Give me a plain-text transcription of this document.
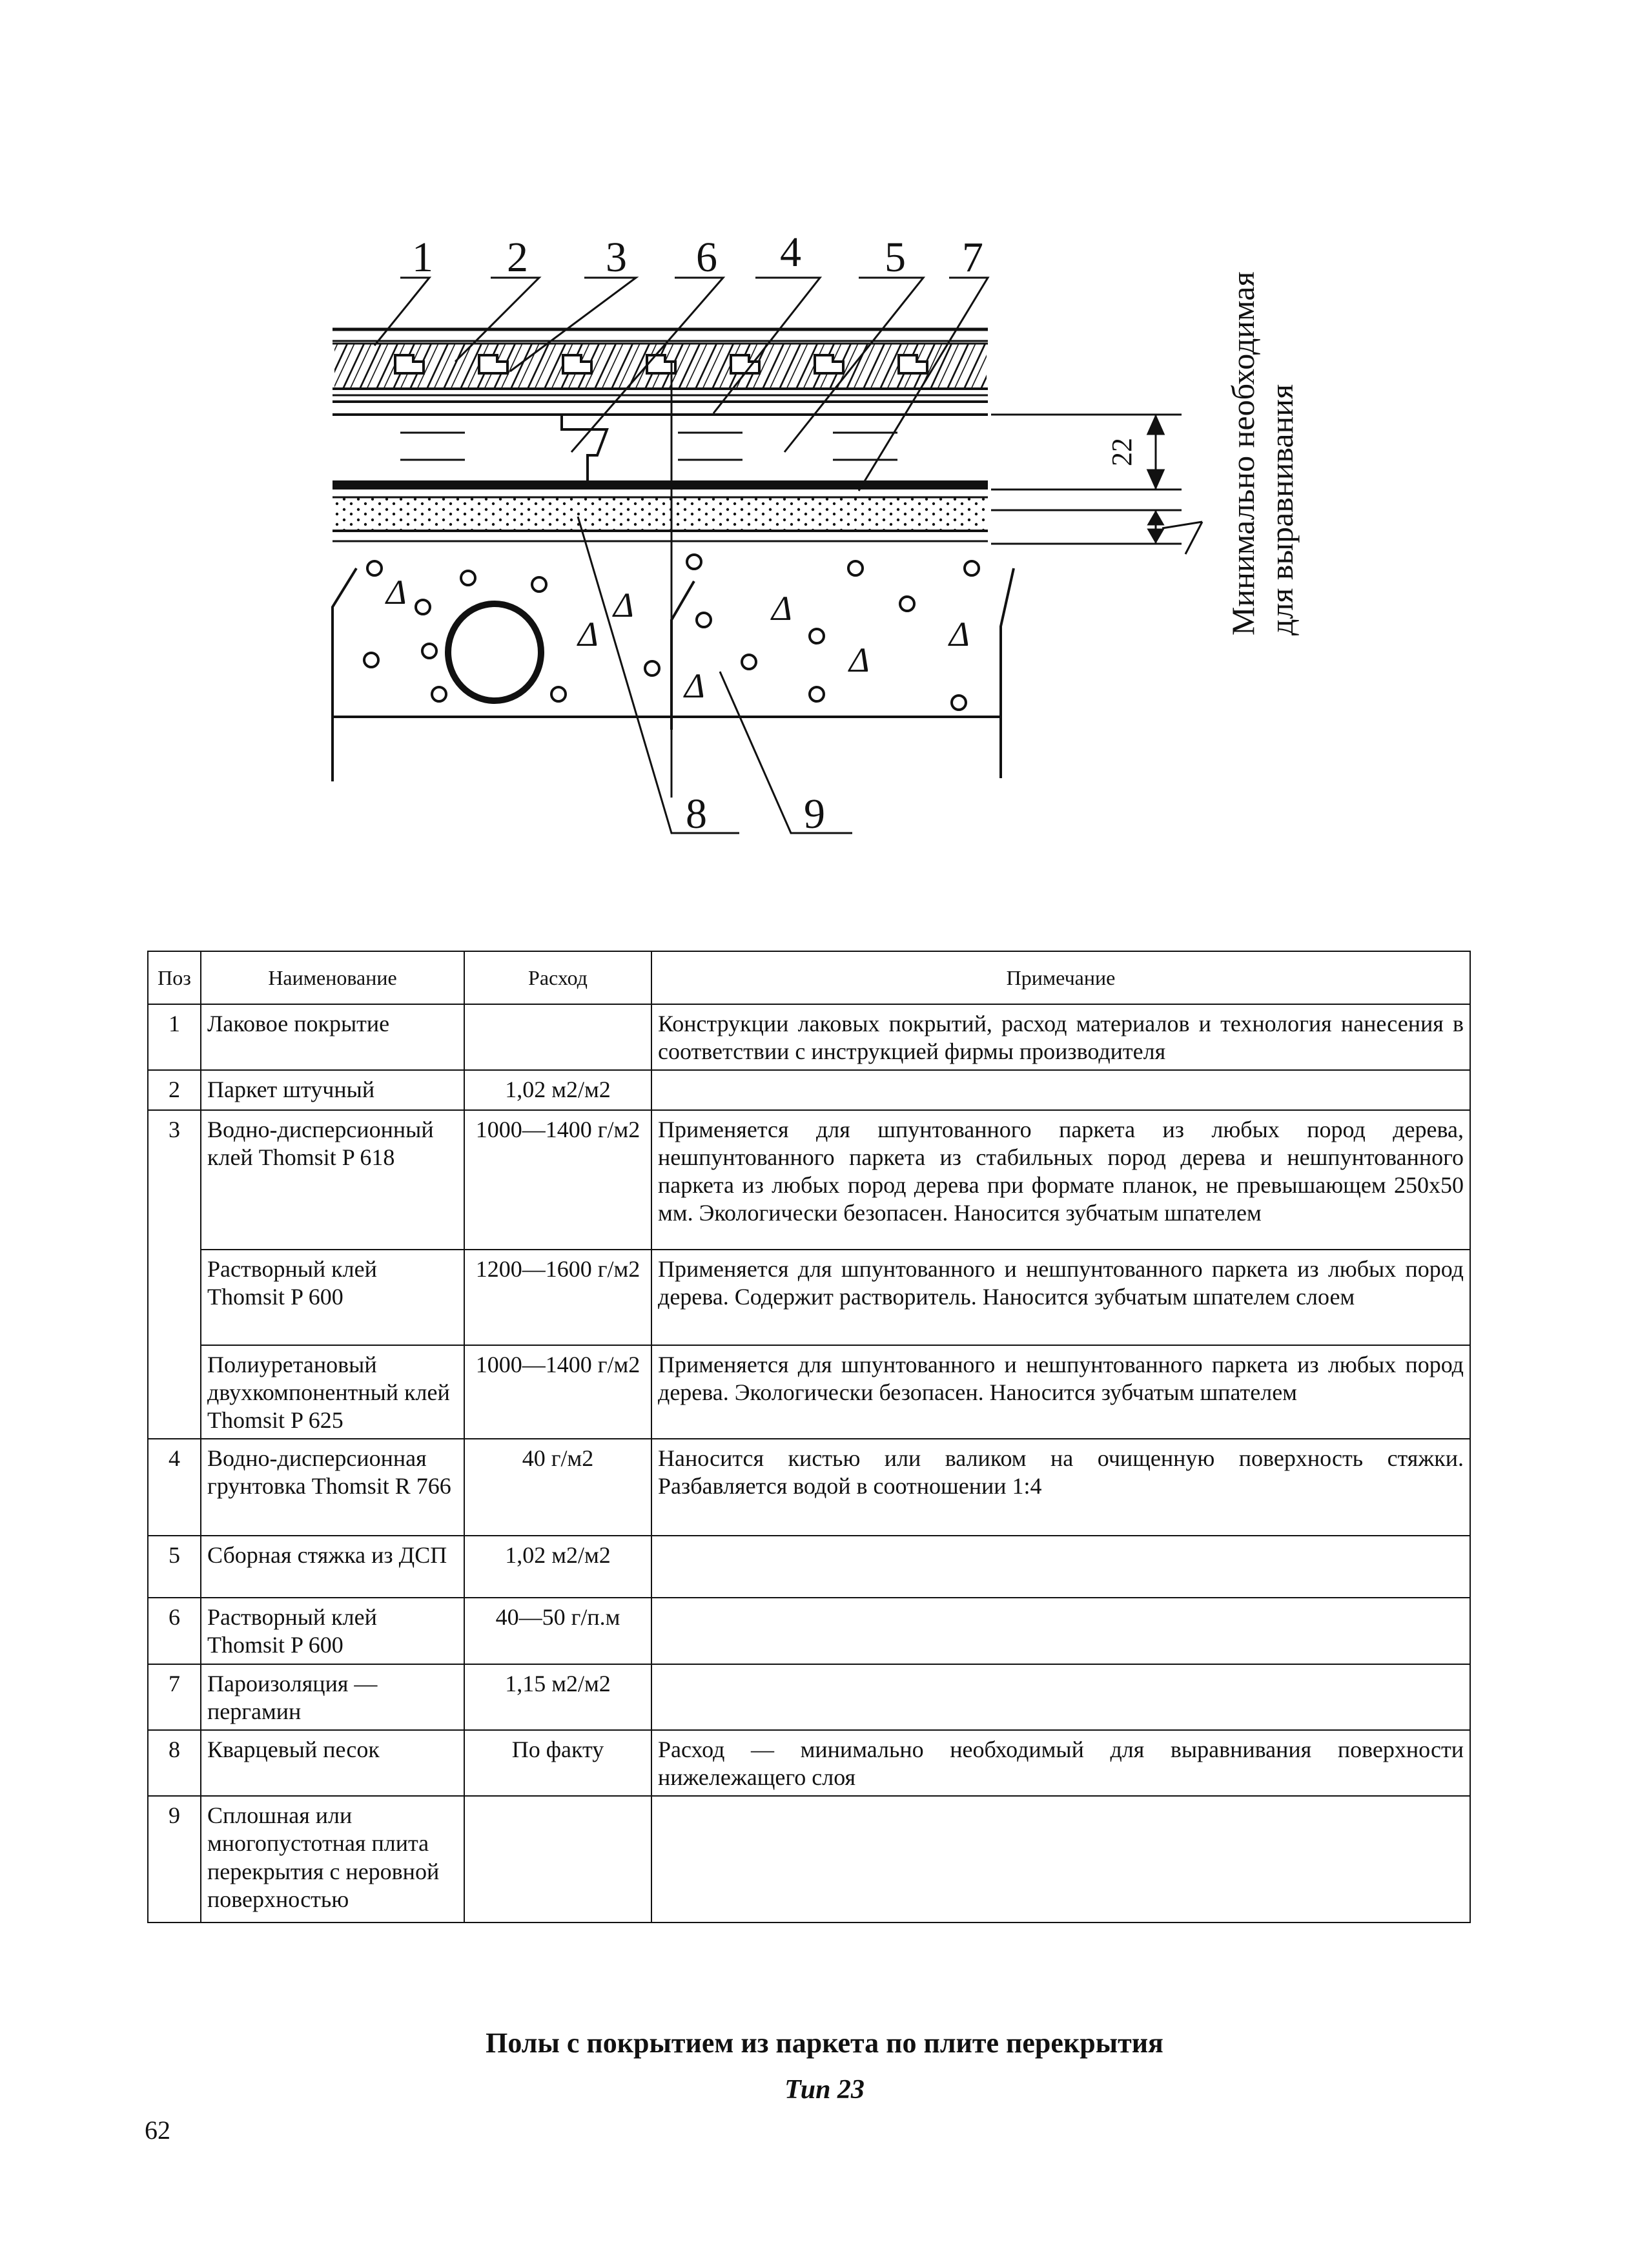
Δ
Δ
Δ	Δ
Δ
Δ
Δ
1 2 3 6 4 5 7
8 9
22	Минимально необходимая для выравнивания
Поз	Наименование	Расход	Примечание
1	Лаковое покрытие		Конструкции лаковых покрытий, расход материалов и технология нанесения в соответствии с инструкцией фирмы производителя
2	Паркет штучный	1,02 м2/м2	
3	Водно-дисперсионный клей Thomsit P 618	1000—1400 г/м2	Применяется для шпунтованного паркета из любых пород дерева, нешпунтованного паркета из стабильных пород дерева и нешпунтованного паркета из любых пород дерева при формате планок, не превышающем 250х50 мм. Экологически безопасен. Наносится зубчатым шпателем
	Растворный клей Thomsit P 600	1200—1600 г/м2	Применяется для шпунтованного и нешпунтованного паркета из любых пород дерева. Содержит растворитель. Наносится зубчатым шпателем слоем
	Полиуретановый двухкомпонентный клей Thomsit P 625	1000—1400 г/м2	Применяется для шпунтованного и нешпунтованного паркета из любых пород дерева. Экологически безопасен. Наносится зубчатым шпателем
4	Водно-дисперсионная грунтовка Thomsit R 766	40 г/м2	Наносится кистью или валиком на очищенную поверхность стяжки. Разбавляется водой в соотношении 1:4
5	Сборная стяжка из ДСП	1,02 м2/м2	
6	Растворный клей Thomsit P 600	40—50 г/п.м	
7	Пароизоляция — пергамин	1,15 м2/м2	
8	Кварцевый песок	По факту	Расход — минимально необходимый для выравнивания поверхности нижележащего слоя
9	Сплошная или многопустотная плита перекрытия с неровной поверхностью		
Полы с покрытием из паркета по плите перекрытия
Тип 23
62
